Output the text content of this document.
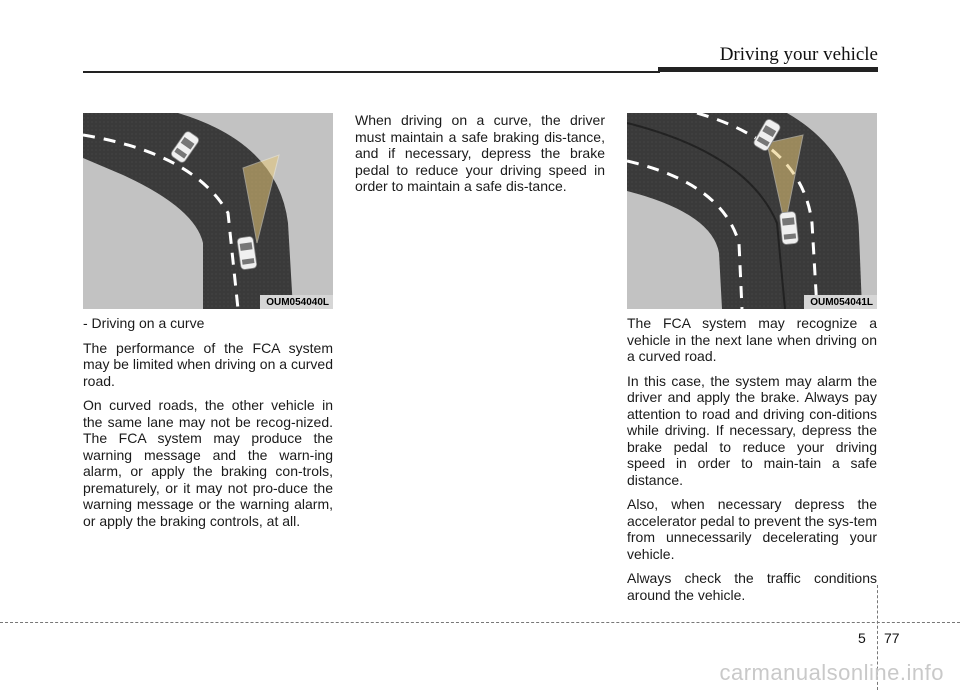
Driving your vehicle
OUM054040L	OUM054041L

- Driving on a curve

The performance of the FCA system may be limited when driving on a curved road.

On curved roads, the other vehicle in the same lane may not be recog-nized. The FCA system may produce the warning message and the warn-ing alarm, or apply the braking con-trols, prematurely, or it may not pro-duce the warning message or the warning alarm, or apply the braking controls, at all.

When driving on a curve, the driver must maintain a safe braking dis-tance, and if necessary, depress the brake pedal to reduce your driving speed in order to maintain a safe dis-tance.

The FCA system may recognize a vehicle in the next lane when driving on a curved road.

In this case, the system may alarm the driver and apply the brake. Always pay attention to road and driving con-ditions while driving. If necessary, depress the brake pedal to reduce your driving speed in order to main-tain a safe distance.

Also, when necessary depress the accelerator pedal to prevent the sys-tem from unnecessarily decelerating your vehicle.

Always check the traffic conditions around the vehicle.

5 77
carmanualsonline.info
